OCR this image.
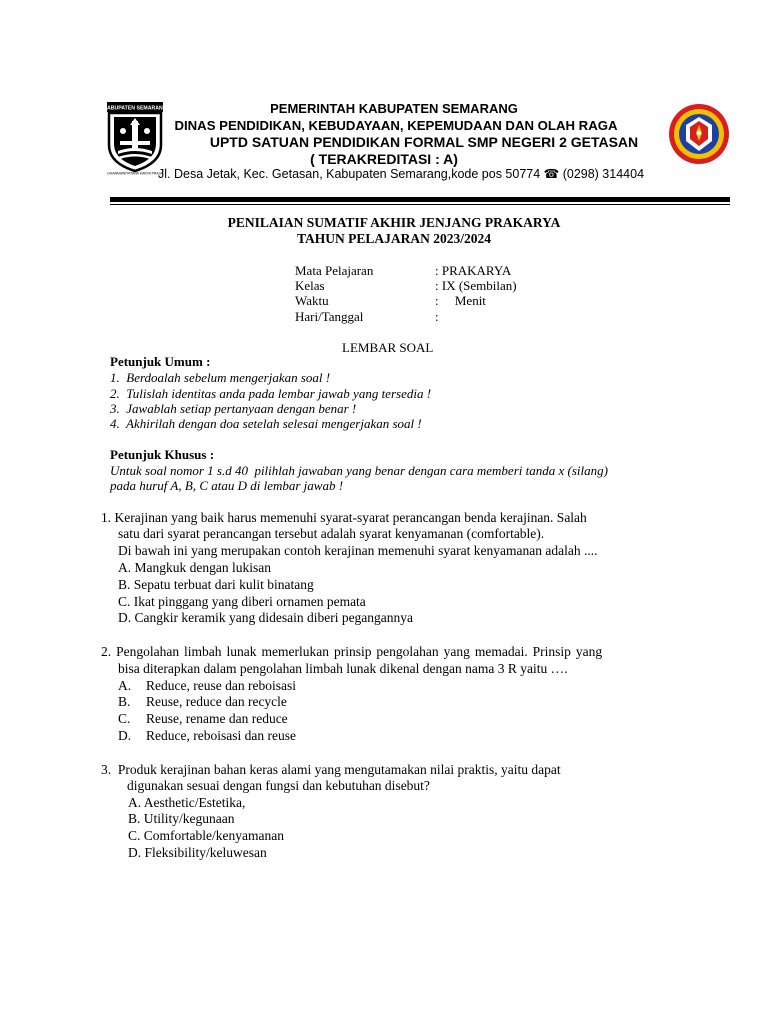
KABUPATEN SEMARANG
DHARMAWIYATANA KARYA PRAJA
PEMERINTAH KABUPATEN SEMARANG
DINAS PENDIDIKAN, KEBUDAYAAN, KEPEMUDAAN DAN OLAH RAGA
UPTD SATUAN PENDIDIKAN FORMAL SMP NEGERI 2 GETASAN
( TERAKREDITASI : A)
Jl. Desa Jetak, Kec. Getasan, Kabupaten Semarang,kode pos 50774 ☎ (0298) 314404
PENILAIAN SUMATIF AKHIR JENJANG PRAKARYA
TAHUN PELAJARAN 2023/2024
Mata Pelajaran	: PRAKARYA
Kelas	: IX (Sembilan)
Waktu	:     Menit
Hari/Tanggal	:
LEMBAR SOAL
Petunjuk Umum :
1.  Berdoalah sebelum mengerjakan soal !
2.  Tulislah identitas anda pada lembar jawab yang tersedia !
3.  Jawablah setiap pertanyaan dengan benar !
4.  Akhirilah dengan doa setelah selesai mengerjakan soal !
Petunjuk Khusus :
Untuk soal nomor 1 s.d 40  pilihlah jawaban yang benar dengan cara memberi tanda x (silang)
pada huruf A, B, C atau D di lembar jawab !
1. Kerajinan yang baik harus memenuhi syarat-syarat perancangan benda kerajinan. Salah
satu dari syarat perancangan tersebut adalah syarat kenyamanan (comfortable).
Di bawah ini yang merupakan contoh kerajinan memenuhi syarat kenyamanan adalah ....
A. Mangkuk dengan lukisan
B. Sepatu terbuat dari kulit binatang
C. Ikat pinggang yang diberi ornamen pemata
D. Cangkir keramik yang didesain diberi pegangannya
2. Pengolahan limbah lunak memerlukan prinsip pengolahan yang memadai. Prinsip yang
bisa diterapkan dalam pengolahan limbah lunak dikenal dengan nama 3 R yaitu ….
A. Reduce, reuse dan reboisasi
B. Reuse, reduce dan recycle
C. Reuse, rename dan reduce
D. Reduce, reboisasi dan reuse
3.  Produk kerajinan bahan keras alami yang mengutamakan nilai praktis, yaitu dapat
digunakan sesuai dengan fungsi dan kebutuhan disebut?
A. Aesthetic/Estetika,
B. Utility/kegunaan
C. Comfortable/kenyamanan
D. Fleksibility/keluwesan
